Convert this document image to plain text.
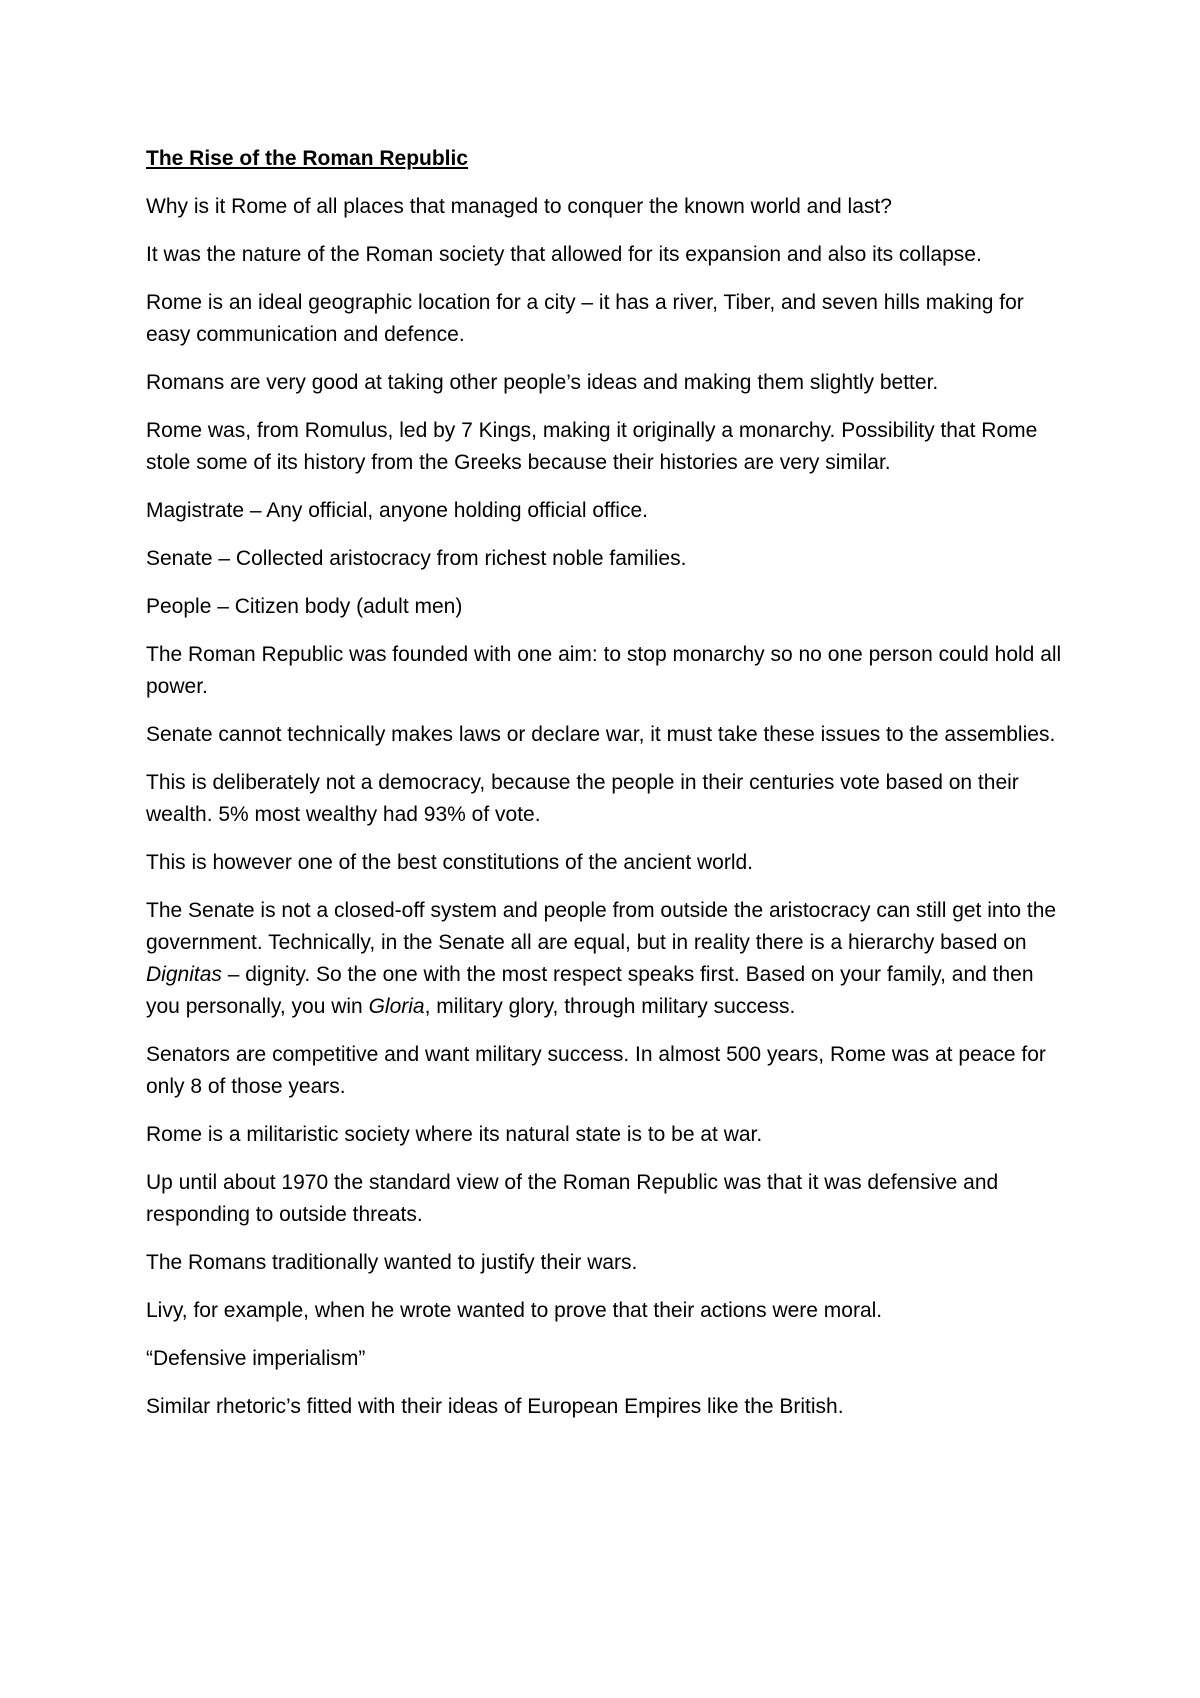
The Rise of the Roman Republic

Why is it Rome of all places that managed to conquer the known world and last?

It was the nature of the Roman society that allowed for its expansion and also its collapse.

Rome is an ideal geographic location for a city – it has a river, Tiber, and seven hills making for easy communication and defence.

Romans are very good at taking other people’s ideas and making them slightly better.

Rome was, from Romulus, led by 7 Kings, making it originally a monarchy. Possibility that Rome stole some of its history from the Greeks because their histories are very similar.

Magistrate – Any official, anyone holding official office.

Senate – Collected aristocracy from richest noble families.

People – Citizen body (adult men)

The Roman Republic was founded with one aim: to stop monarchy so no one person could hold all power.

Senate cannot technically makes laws or declare war, it must take these issues to the assemblies.

This is deliberately not a democracy, because the people in their centuries vote based on their wealth. 5% most wealthy had 93% of vote.

This is however one of the best constitutions of the ancient world.

The Senate is not a closed-off system and people from outside the aristocracy can still get into the government. Technically, in the Senate all are equal, but in reality there is a hierarchy based on Dignitas – dignity. So the one with the most respect speaks first. Based on your family, and then you personally, you win Gloria, military glory, through military success.

Senators are competitive and want military success. In almost 500 years, Rome was at peace for only 8 of those years.

Rome is a militaristic society where its natural state is to be at war.

Up until about 1970 the standard view of the Roman Republic was that it was defensive and responding to outside threats.

The Romans traditionally wanted to justify their wars.

Livy, for example, when he wrote wanted to prove that their actions were moral.

“Defensive imperialism”

Similar rhetoric’s fitted with their ideas of European Empires like the British.
